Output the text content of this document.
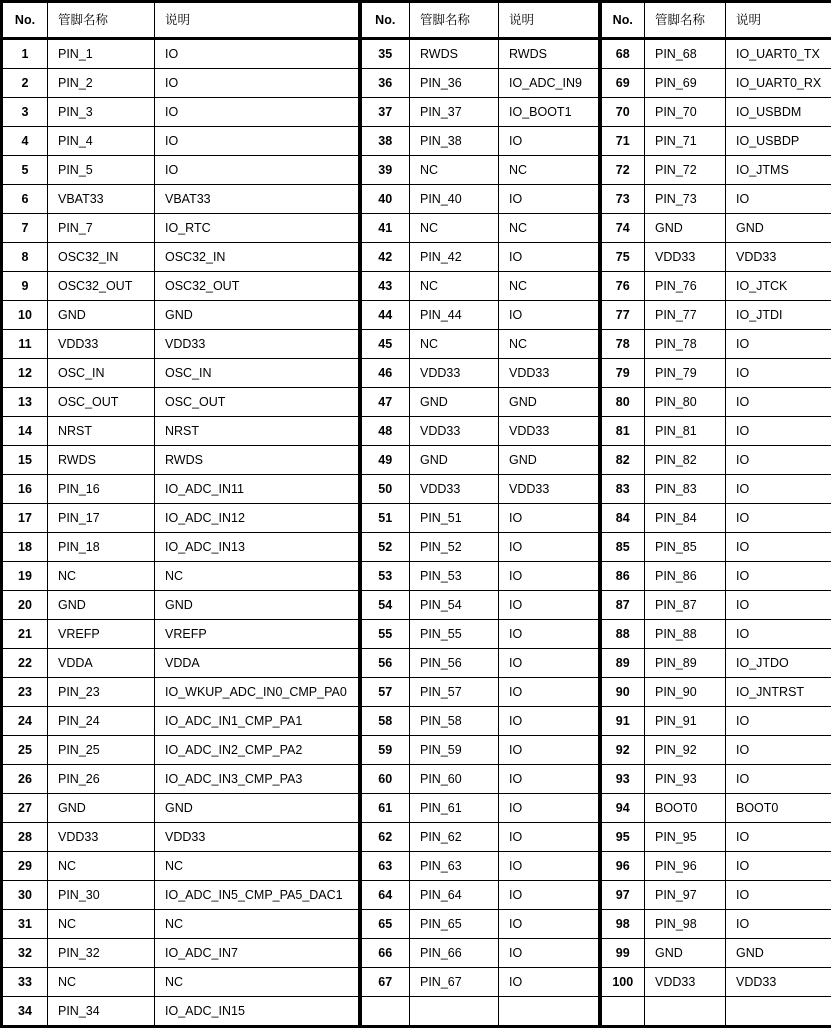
No.	管脚名称	说明	No.	管脚名称	说明	No.	管脚名称	说明
1	PIN_1	IO	35	RWDS	RWDS	68	PIN_68	IO_UART0_TX
2	PIN_2	IO	36	PIN_36	IO_ADC_IN9	69	PIN_69	IO_UART0_RX
3	PIN_3	IO	37	PIN_37	IO_BOOT1	70	PIN_70	IO_USBDM
4	PIN_4	IO	38	PIN_38	IO	71	PIN_71	IO_USBDP
5	PIN_5	IO	39	NC	NC	72	PIN_72	IO_JTMS
6	VBAT33	VBAT33	40	PIN_40	IO	73	PIN_73	IO
7	PIN_7	IO_RTC	41	NC	NC	74	GND	GND
8	OSC32_IN	OSC32_IN	42	PIN_42	IO	75	VDD33	VDD33
9	OSC32_OUT	OSC32_OUT	43	NC	NC	76	PIN_76	IO_JTCK
10	GND	GND	44	PIN_44	IO	77	PIN_77	IO_JTDI
11	VDD33	VDD33	45	NC	NC	78	PIN_78	IO
12	OSC_IN	OSC_IN	46	VDD33	VDD33	79	PIN_79	IO
13	OSC_OUT	OSC_OUT	47	GND	GND	80	PIN_80	IO
14	NRST	NRST	48	VDD33	VDD33	81	PIN_81	IO
15	RWDS	RWDS	49	GND	GND	82	PIN_82	IO
16	PIN_16	IO_ADC_IN11	50	VDD33	VDD33	83	PIN_83	IO
17	PIN_17	IO_ADC_IN12	51	PIN_51	IO	84	PIN_84	IO
18	PIN_18	IO_ADC_IN13	52	PIN_52	IO	85	PIN_85	IO
19	NC	NC	53	PIN_53	IO	86	PIN_86	IO
20	GND	GND	54	PIN_54	IO	87	PIN_87	IO
21	VREFP	VREFP	55	PIN_55	IO	88	PIN_88	IO
22	VDDA	VDDA	56	PIN_56	IO	89	PIN_89	IO_JTDO
23	PIN_23	IO_WKUP_ADC_IN0_CMP_PA0	57	PIN_57	IO	90	PIN_90	IO_JNTRST
24	PIN_24	IO_ADC_IN1_CMP_PA1	58	PIN_58	IO	91	PIN_91	IO
25	PIN_25	IO_ADC_IN2_CMP_PA2	59	PIN_59	IO	92	PIN_92	IO
26	PIN_26	IO_ADC_IN3_CMP_PA3	60	PIN_60	IO	93	PIN_93	IO
27	GND	GND	61	PIN_61	IO	94	BOOT0	BOOT0
28	VDD33	VDD33	62	PIN_62	IO	95	PIN_95	IO
29	NC	NC	63	PIN_63	IO	96	PIN_96	IO
30	PIN_30	IO_ADC_IN5_CMP_PA5_DAC1	64	PIN_64	IO	97	PIN_97	IO
31	NC	NC	65	PIN_65	IO	98	PIN_98	IO
32	PIN_32	IO_ADC_IN7	66	PIN_66	IO	99	GND	GND
33	NC	NC	67	PIN_67	IO	100	VDD33	VDD33
34	PIN_34	IO_ADC_IN15						
